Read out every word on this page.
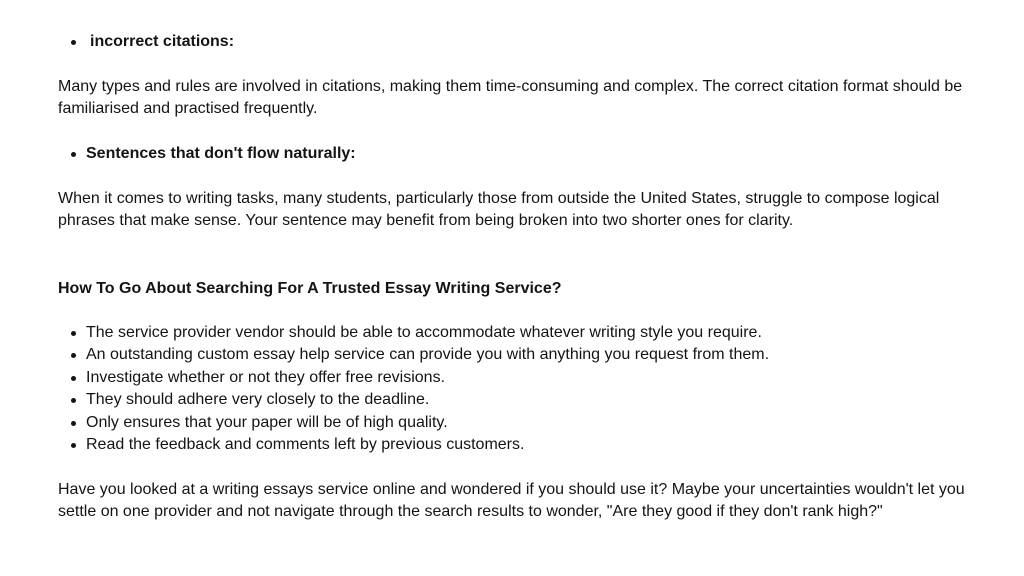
incorrect citations:

Many types and rules are involved in citations, making them time-consuming and complex. The correct citation format should be familiarised and practised frequently.

Sentences that don't flow naturally:

When it comes to writing tasks, many students, particularly those from outside the United States, struggle to compose logical phrases that make sense. Your sentence may benefit from being broken into two shorter ones for clarity.

How To Go About Searching For A Trusted Essay Writing Service?

The service provider vendor should be able to accommodate whatever writing style you require.
An outstanding custom essay help service can provide you with anything you request from them.
Investigate whether or not they offer free revisions.
They should adhere very closely to the deadline.
Only ensures that your paper will be of high quality.
Read the feedback and comments left by previous customers.

Have you looked at a writing essays service online and wondered if you should use it? Maybe your uncertainties wouldn't let you settle on one provider and not navigate through the search results to wonder, "Are they good if they don't rank high?"
